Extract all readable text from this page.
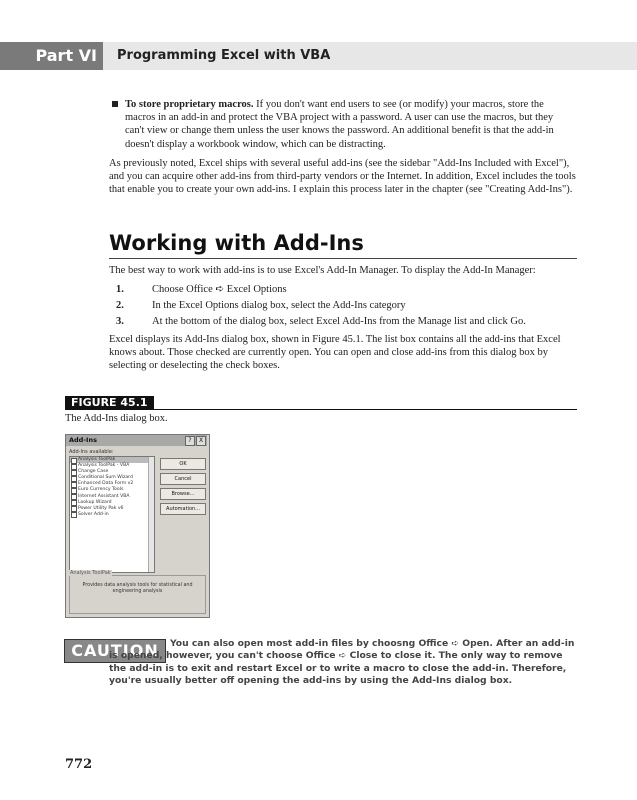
Part VI	Programming Excel with VBA
To store proprietary macros. If you don't want end users to see (or modify) your macros, store the macros in an add-in and protect the VBA project with a password. A user can use the macros, but they can't view or change them unless the user knows the password. An additional benefit is that the add-in doesn't display a workbook window, which can be distracting.
As previously noted, Excel ships with several useful add-ins (see the sidebar "Add-Ins Included with Excel"), and you can acquire other add-ins from third-party vendors or the Internet. In addition, Excel includes the tools that enable you to create your own add-ins. I explain this process later in the chapter (see "Creating Add-Ins").
Working with Add-Ins
The best way to work with add-ins is to use Excel's Add-In Manager. To display the Add-In Manager:
1.	Choose Office ➪ Excel Options
2.	In the Excel Options dialog box, select the Add-Ins category
3.	At the bottom of the dialog box, select Excel Add-Ins from the Manage list and click Go.
Excel displays its Add-Ins dialog box, shown in Figure 45.1. The list box contains all the add-ins that Excel knows about. Those checked are currently open. You can open and close add-ins from this dialog box by selecting or deselecting the check boxes.
FIGURE 45.1
The Add-Ins dialog box.
Add-Ins	?	X
Add-Ins available:
Analysis ToolPak
Analysis ToolPak - VBA
Change Case
Conditional Sum Wizard
Enhanced Data Form v2
Euro Currency Tools
Internet Assistant VBA
Lookup Wizard
Power Utility Pak v6
Solver Add-in
OK
Cancel
Browse...
Automation...
Analysis ToolPak
Provides data analysis tools for statistical and engineering analysis
CAUTION	You can also open most add-in files by choosng Office ➪ Open. After an add-in is opened, however, you can't choose Office ➪ Close to close it. The only way to remove the add-in is to exit and restart Excel or to write a macro to close the add-in. Therefore, you're usually better off opening the add-ins by using the Add-Ins dialog box.
772
